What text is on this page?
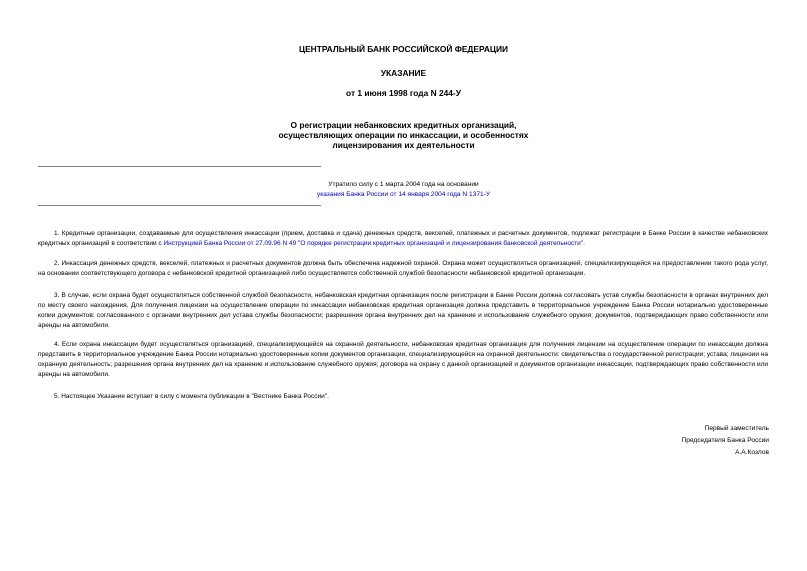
ЦЕНТРАЛЬНЫЙ БАНК РОССИЙСКОЙ ФЕДЕРАЦИИ
УКАЗАНИЕ
от 1 июня 1998 года N 244-У
О регистрации небанковских кредитных организаций,
осуществляющих операции по инкассации, и особенностях
лицензирования их деятельности
Утратило силу с 1 марта 2004 года на основании
указания Банка России от 14 января 2004 года N 1371-У
1. Кредитные организации, создаваемые для осуществления инкассации (прием, доставка и сдача) денежных средств, векселей, платежных и расчетных документов, подлежат регистрации в Банке России в качестве небанковских кредитных организаций в соответствии с Инструкцией Банка России от 27.09.96 N 49 "О порядке регистрации кредитных организаций и лицензирования банковской деятельности".
2. Инкассация денежных средств, векселей, платежных и расчетных документов должна быть обеспечена надежной охраной. Охрана может осуществляться организацией, специализирующейся на предоставлении такого рода услуг, на основании соответствующего договора с небанковской кредитной организацией либо осуществляется собственной службой безопасности небанковской кредитной организации.
3. В случае, если охрана будет осуществляться собственной службой безопасности, небанковская кредитная организация после регистрации в Банке России должна согласовать устав службы безопасности в органах внутренних дел по месту своего нахождения. Для получения лицензии на осуществление операции по инкассации небанковская кредитная организация должна представить в территориальное учреждение Банка России нотариально удостоверенные копии документов: согласованного с органами внутренних дел устава службы безопасности; разрешения органа внутренних дел на хранение и использование служебного оружия; документов, подтверждающих право собственности или аренды на автомобили.
4. Если охрана инкассации будет осуществляться организацией, специализирующейся на охранной деятельности, небанковская кредитная организация для получения лицензии на осуществление операции по инкассации должна представить в территориальное учреждение Банка России нотариально удостоверенные копии документов организации, специализирующейся на охранной деятельности: свидетельства о государственной регистрации; устава; лицензии на охранную деятельность; разрешения органа внутренних дел на хранение и использование служебного оружия; договора на охрану с данной организацией и документов организации инкассации, подтверждающих право собственности или аренды на автомобили.
5. Настоящее Указание вступает в силу с момента публикации в "Вестнике Банка России".
Первый заместитель
Председателя Банка России
А.А.Козлов
